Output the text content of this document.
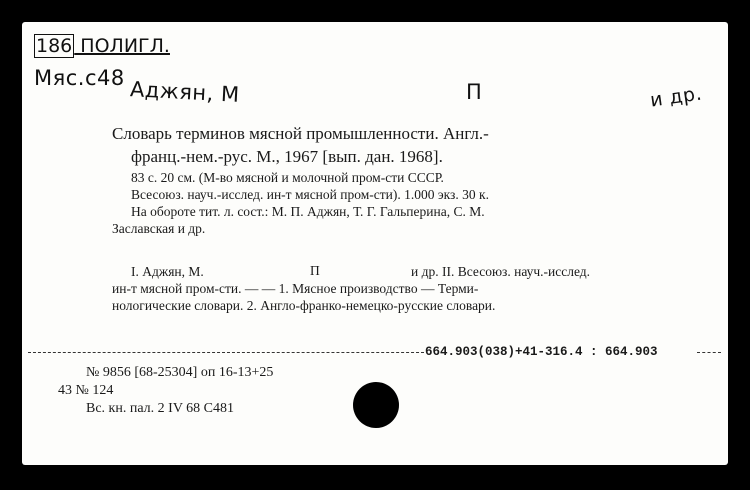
186 ПОЛИГЛ.
Мяс.с48 Аджян, М	П	и др.
Словарь терминов мясной промышленности. Англ.-
франц.-нем.-рус. М., 1967 [вып. дан. 1968].
83 с. 20 см. (М-во мясной и молочной пром-сти СССР.
Всесоюз. науч.-исслед. ин-т мясной пром-сти). 1.000 экз. 30 к.
На обороте тит. л. сост.: М. П. Аджян, Т. Г. Гальперина, С. М.
Заславская и др.
I. Аджян, М.	П	и др. II. Всесоюз. науч.-исслед.
ин-т мясной пром-сти. — — 1. Мясное производство — Терми-
нологические словари. 2. Англо-франко-немецко-русские словари.
664.903(038)+41-316.4 : 664.903
№ 9856 [68-25304] оп 16-13+25
43 № 124
Вс. кн. пал. 2 IV 68 С481
